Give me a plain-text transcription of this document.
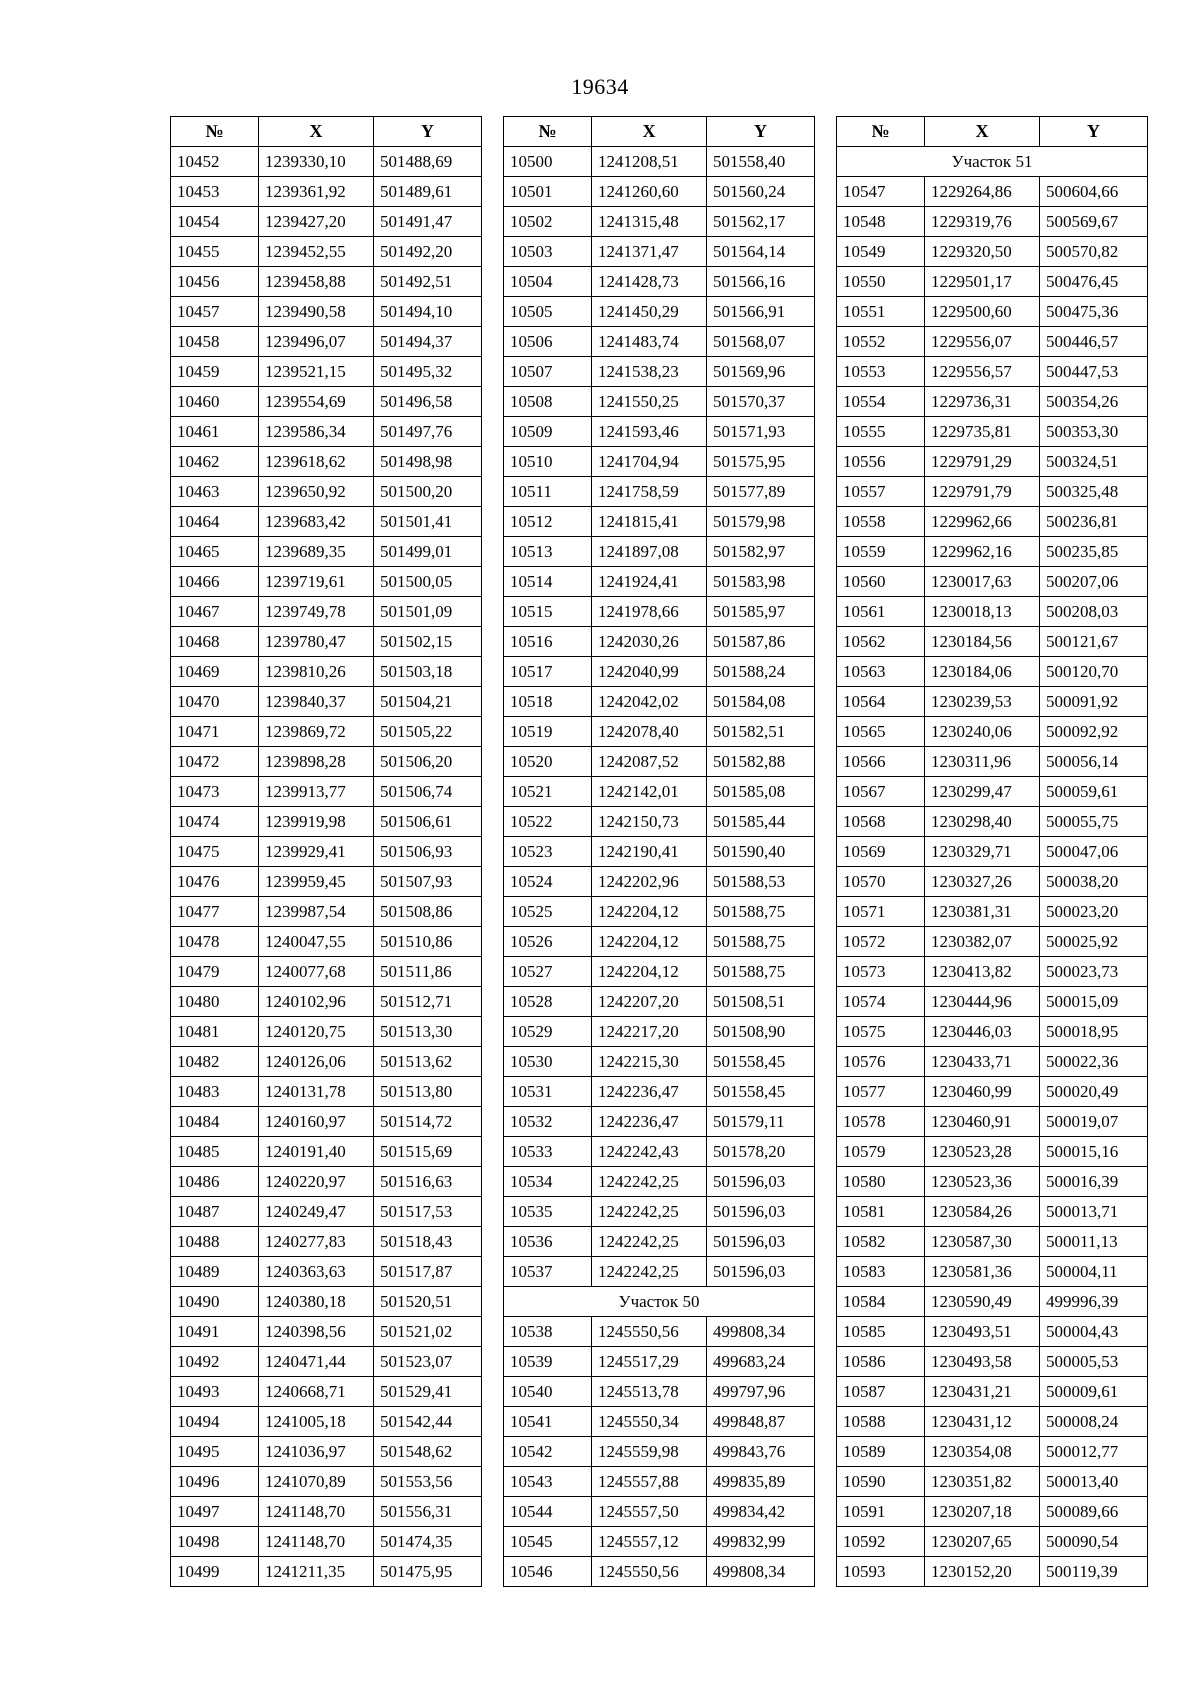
19634
№	X	Y
10452	1239330,10	501488,69
10453	1239361,92	501489,61
10454	1239427,20	501491,47
10455	1239452,55	501492,20
10456	1239458,88	501492,51
10457	1239490,58	501494,10
10458	1239496,07	501494,37
10459	1239521,15	501495,32
10460	1239554,69	501496,58
10461	1239586,34	501497,76
10462	1239618,62	501498,98
10463	1239650,92	501500,20
10464	1239683,42	501501,41
10465	1239689,35	501499,01
10466	1239719,61	501500,05
10467	1239749,78	501501,09
10468	1239780,47	501502,15
10469	1239810,26	501503,18
10470	1239840,37	501504,21
10471	1239869,72	501505,22
10472	1239898,28	501506,20
10473	1239913,77	501506,74
10474	1239919,98	501506,61
10475	1239929,41	501506,93
10476	1239959,45	501507,93
10477	1239987,54	501508,86
10478	1240047,55	501510,86
10479	1240077,68	501511,86
10480	1240102,96	501512,71
10481	1240120,75	501513,30
10482	1240126,06	501513,62
10483	1240131,78	501513,80
10484	1240160,97	501514,72
10485	1240191,40	501515,69
10486	1240220,97	501516,63
10487	1240249,47	501517,53
10488	1240277,83	501518,43
10489	1240363,63	501517,87
10490	1240380,18	501520,51
10491	1240398,56	501521,02
10492	1240471,44	501523,07
10493	1240668,71	501529,41
10494	1241005,18	501542,44
10495	1241036,97	501548,62
10496	1241070,89	501553,56
10497	1241148,70	501556,31
10498	1241148,70	501474,35
10499	1241211,35	501475,95
№	X	Y
10500	1241208,51	501558,40
10501	1241260,60	501560,24
10502	1241315,48	501562,17
10503	1241371,47	501564,14
10504	1241428,73	501566,16
10505	1241450,29	501566,91
10506	1241483,74	501568,07
10507	1241538,23	501569,96
10508	1241550,25	501570,37
10509	1241593,46	501571,93
10510	1241704,94	501575,95
10511	1241758,59	501577,89
10512	1241815,41	501579,98
10513	1241897,08	501582,97
10514	1241924,41	501583,98
10515	1241978,66	501585,97
10516	1242030,26	501587,86
10517	1242040,99	501588,24
10518	1242042,02	501584,08
10519	1242078,40	501582,51
10520	1242087,52	501582,88
10521	1242142,01	501585,08
10522	1242150,73	501585,44
10523	1242190,41	501590,40
10524	1242202,96	501588,53
10525	1242204,12	501588,75
10526	1242204,12	501588,75
10527	1242204,12	501588,75
10528	1242207,20	501508,51
10529	1242217,20	501508,90
10530	1242215,30	501558,45
10531	1242236,47	501558,45
10532	1242236,47	501579,11
10533	1242242,43	501578,20
10534	1242242,25	501596,03
10535	1242242,25	501596,03
10536	1242242,25	501596,03
10537	1242242,25	501596,03
Участок 50		
10538	1245550,56	499808,34
10539	1245517,29	499683,24
10540	1245513,78	499797,96
10541	1245550,34	499848,87
10542	1245559,98	499843,76
10543	1245557,88	499835,89
10544	1245557,50	499834,42
10545	1245557,12	499832,99
10546	1245550,56	499808,34
№	X	Y
Участок 51		
10547	1229264,86	500604,66
10548	1229319,76	500569,67
10549	1229320,50	500570,82
10550	1229501,17	500476,45
10551	1229500,60	500475,36
10552	1229556,07	500446,57
10553	1229556,57	500447,53
10554	1229736,31	500354,26
10555	1229735,81	500353,30
10556	1229791,29	500324,51
10557	1229791,79	500325,48
10558	1229962,66	500236,81
10559	1229962,16	500235,85
10560	1230017,63	500207,06
10561	1230018,13	500208,03
10562	1230184,56	500121,67
10563	1230184,06	500120,70
10564	1230239,53	500091,92
10565	1230240,06	500092,92
10566	1230311,96	500056,14
10567	1230299,47	500059,61
10568	1230298,40	500055,75
10569	1230329,71	500047,06
10570	1230327,26	500038,20
10571	1230381,31	500023,20
10572	1230382,07	500025,92
10573	1230413,82	500023,73
10574	1230444,96	500015,09
10575	1230446,03	500018,95
10576	1230433,71	500022,36
10577	1230460,99	500020,49
10578	1230460,91	500019,07
10579	1230523,28	500015,16
10580	1230523,36	500016,39
10581	1230584,26	500013,71
10582	1230587,30	500011,13
10583	1230581,36	500004,11
10584	1230590,49	499996,39
10585	1230493,51	500004,43
10586	1230493,58	500005,53
10587	1230431,21	500009,61
10588	1230431,12	500008,24
10589	1230354,08	500012,77
10590	1230351,82	500013,40
10591	1230207,18	500089,66
10592	1230207,65	500090,54
10593	1230152,20	500119,39
